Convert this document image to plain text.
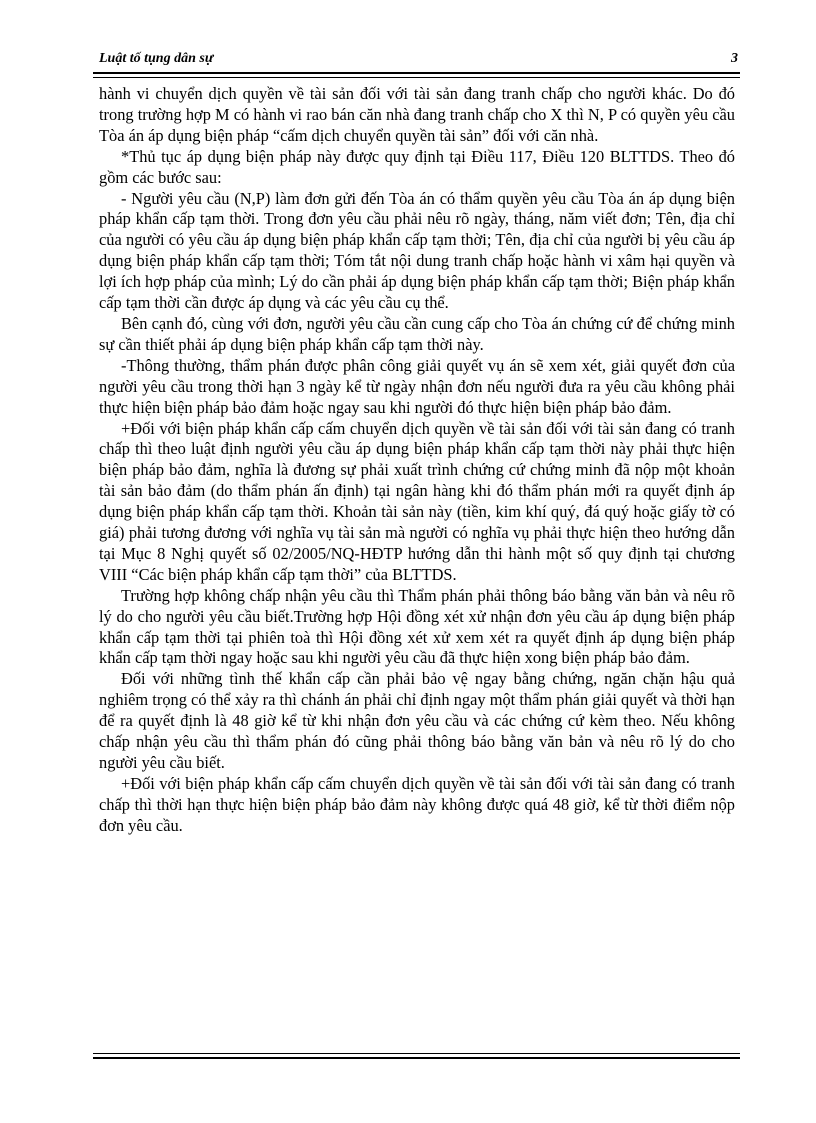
Luật tố tụng dân sự	3

hành vi chuyển dịch quyền về tài sản đối với tài sản đang tranh chấp cho người khác. Do đó trong trường hợp M có hành vi rao bán căn nhà đang tranh chấp cho X thì N, P có quyền yêu cầu Tòa án áp dụng biện pháp “cấm dịch chuyển quyền tài sản” đối với căn nhà.

*Thủ tục áp dụng biện pháp này được quy định tại Điều 117, Điều 120 BLTTDS. Theo đó gồm các bước sau:

- Người yêu cầu (N,P) làm đơn gửi đến Tòa án có thẩm quyền yêu cầu Tòa án áp dụng biện pháp khẩn cấp tạm thời. Trong đơn yêu cầu phải nêu rõ ngày, tháng, năm viết đơn; Tên, địa chỉ của người có yêu cầu áp dụng biện pháp khẩn cấp tạm thời; Tên, địa chỉ của người bị yêu cầu áp dụng biện pháp khẩn cấp tạm thời; Tóm tắt nội dung tranh chấp hoặc hành vi xâm hại quyền và lợi ích hợp pháp của mình; Lý do cần phải áp dụng biện pháp khẩn cấp tạm thời; Biện pháp khẩn cấp tạm thời cần được áp dụng và các yêu cầu cụ thể.

Bên cạnh đó, cùng với đơn, người yêu cầu cần cung cấp cho Tòa án chứng cứ để chứng minh sự cần thiết phải áp dụng biện pháp khẩn cấp tạm thời này.

-Thông thường, thẩm phán được phân công giải quyết vụ án sẽ xem xét, giải quyết đơn của người yêu cầu trong thời hạn 3 ngày kể từ ngày nhận đơn nếu người đưa ra yêu cầu không phải thực hiện biện pháp bảo đảm hoặc ngay sau khi người đó thực hiện biện pháp bảo đảm.

+Đối với biện pháp khẩn cấp cấm chuyển dịch quyền về tài sản đối với tài sản đang có tranh chấp thì theo luật định người yêu cầu áp dụng biện pháp khẩn cấp tạm thời này phải thực hiện biện pháp bảo đảm, nghĩa là đương sự phải xuất trình chứng cứ chứng minh đã nộp một khoản tài sản bảo đảm (do thẩm phán ấn định) tại ngân hàng khi đó thẩm phán mới ra quyết định áp dụng biện pháp khẩn cấp tạm thời. Khoản tài sản này (tiền, kim khí quý, đá quý hoặc giấy tờ có giá) phải tương đương với nghĩa vụ tài sản mà người có nghĩa vụ phải thực hiện theo hướng dẫn tại Mục 8 Nghị quyết số 02/2005/NQ-HĐTP hướng dẫn thi hành một số quy định tại chương VIII “Các biện pháp khẩn cấp tạm thời” của BLTTDS.

Trường hợp không chấp nhận yêu cầu thì Thẩm phán phải thông báo bằng văn bản và nêu rõ lý do cho người yêu cầu biết.Trường hợp Hội đồng xét xử nhận đơn yêu cầu áp dụng biện pháp khẩn cấp tạm thời tại phiên toà thì Hội đồng xét xử xem xét ra quyết định áp dụng biện pháp khẩn cấp tạm thời ngay hoặc sau khi người yêu cầu đã thực hiện xong biện pháp bảo đảm.

Đối với những tình thế khẩn cấp cần phải bảo vệ ngay bằng chứng, ngăn chặn hậu quả nghiêm trọng có thể xảy ra thì chánh án phải chỉ định ngay một thẩm phán giải quyết và thời hạn để ra quyết định là 48 giờ kể từ khi nhận đơn yêu cầu và các chứng cứ kèm theo. Nếu không chấp nhận yêu cầu thì thẩm phán đó cũng phải thông báo bằng văn bản và nêu rõ lý do cho người yêu cầu biết.

+Đối với biện pháp khẩn cấp cấm chuyển dịch quyền về tài sản đối với tài sản đang có tranh chấp thì thời hạn thực hiện biện pháp bảo đảm này không được quá 48 giờ, kể từ thời điểm nộp đơn yêu cầu.
